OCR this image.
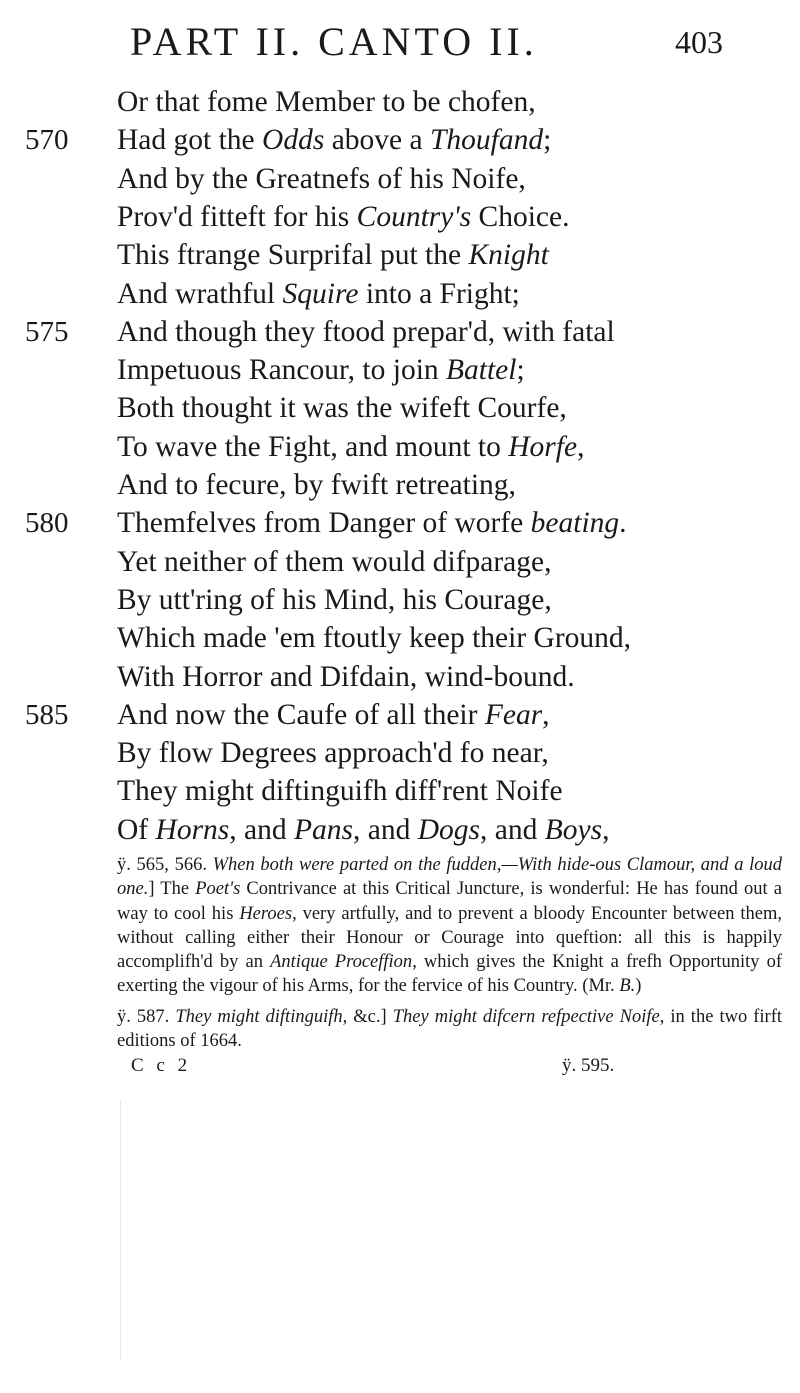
PART II. CANTO II.	403
Or that fome Member to be chofen,
570	Had got the Odds above a Thoufand;
And by the Greatnefs of his Noife,
Prov'd fitteft for his Country's Choice.
This ftrange Surprifal put the Knight
And wrathful Squire into a Fright;
575	And though they ftood prepar'd, with fatal
Impetuous Rancour, to join Battel;
Both thought it was the wifeft Courfe,
To wave the Fight, and mount to Horfe,
And to fecure, by fwift retreating,
580	Themfelves from Danger of worfe beating.
Yet neither of them would difparage,
By utt'ring of his Mind, his Courage,
Which made 'em ftoutly keep their Ground,
With Horror and Difdain, wind-bound.
585	And now the Caufe of all their Fear,
By flow Degrees approach'd fo near,
They might diftinguifh diff'rent Noife
Of Horns, and Pans, and Dogs, and Boys,

ÿ. 565, 566. When both were parted on the fudden,—With hide-ous Clamour, and a loud one.] The Poet's Contrivance at this Critical Juncture, is wonderful: He has found out a way to cool his Heroes, very artfully, and to prevent a bloody Encounter between them, without calling either their Honour or Courage into queftion: all this is happily accomplifh'd by an Antique Proceffion, which gives the Knight a frefh Opportunity of exerting the vigour of his Arms, for the fervice of his Country. (Mr. B.)

ÿ. 587. They might diftinguifh, &c.] They might difcern refpective Noife, in the two firft editions of 1664.

C c 2	ÿ. 595.
